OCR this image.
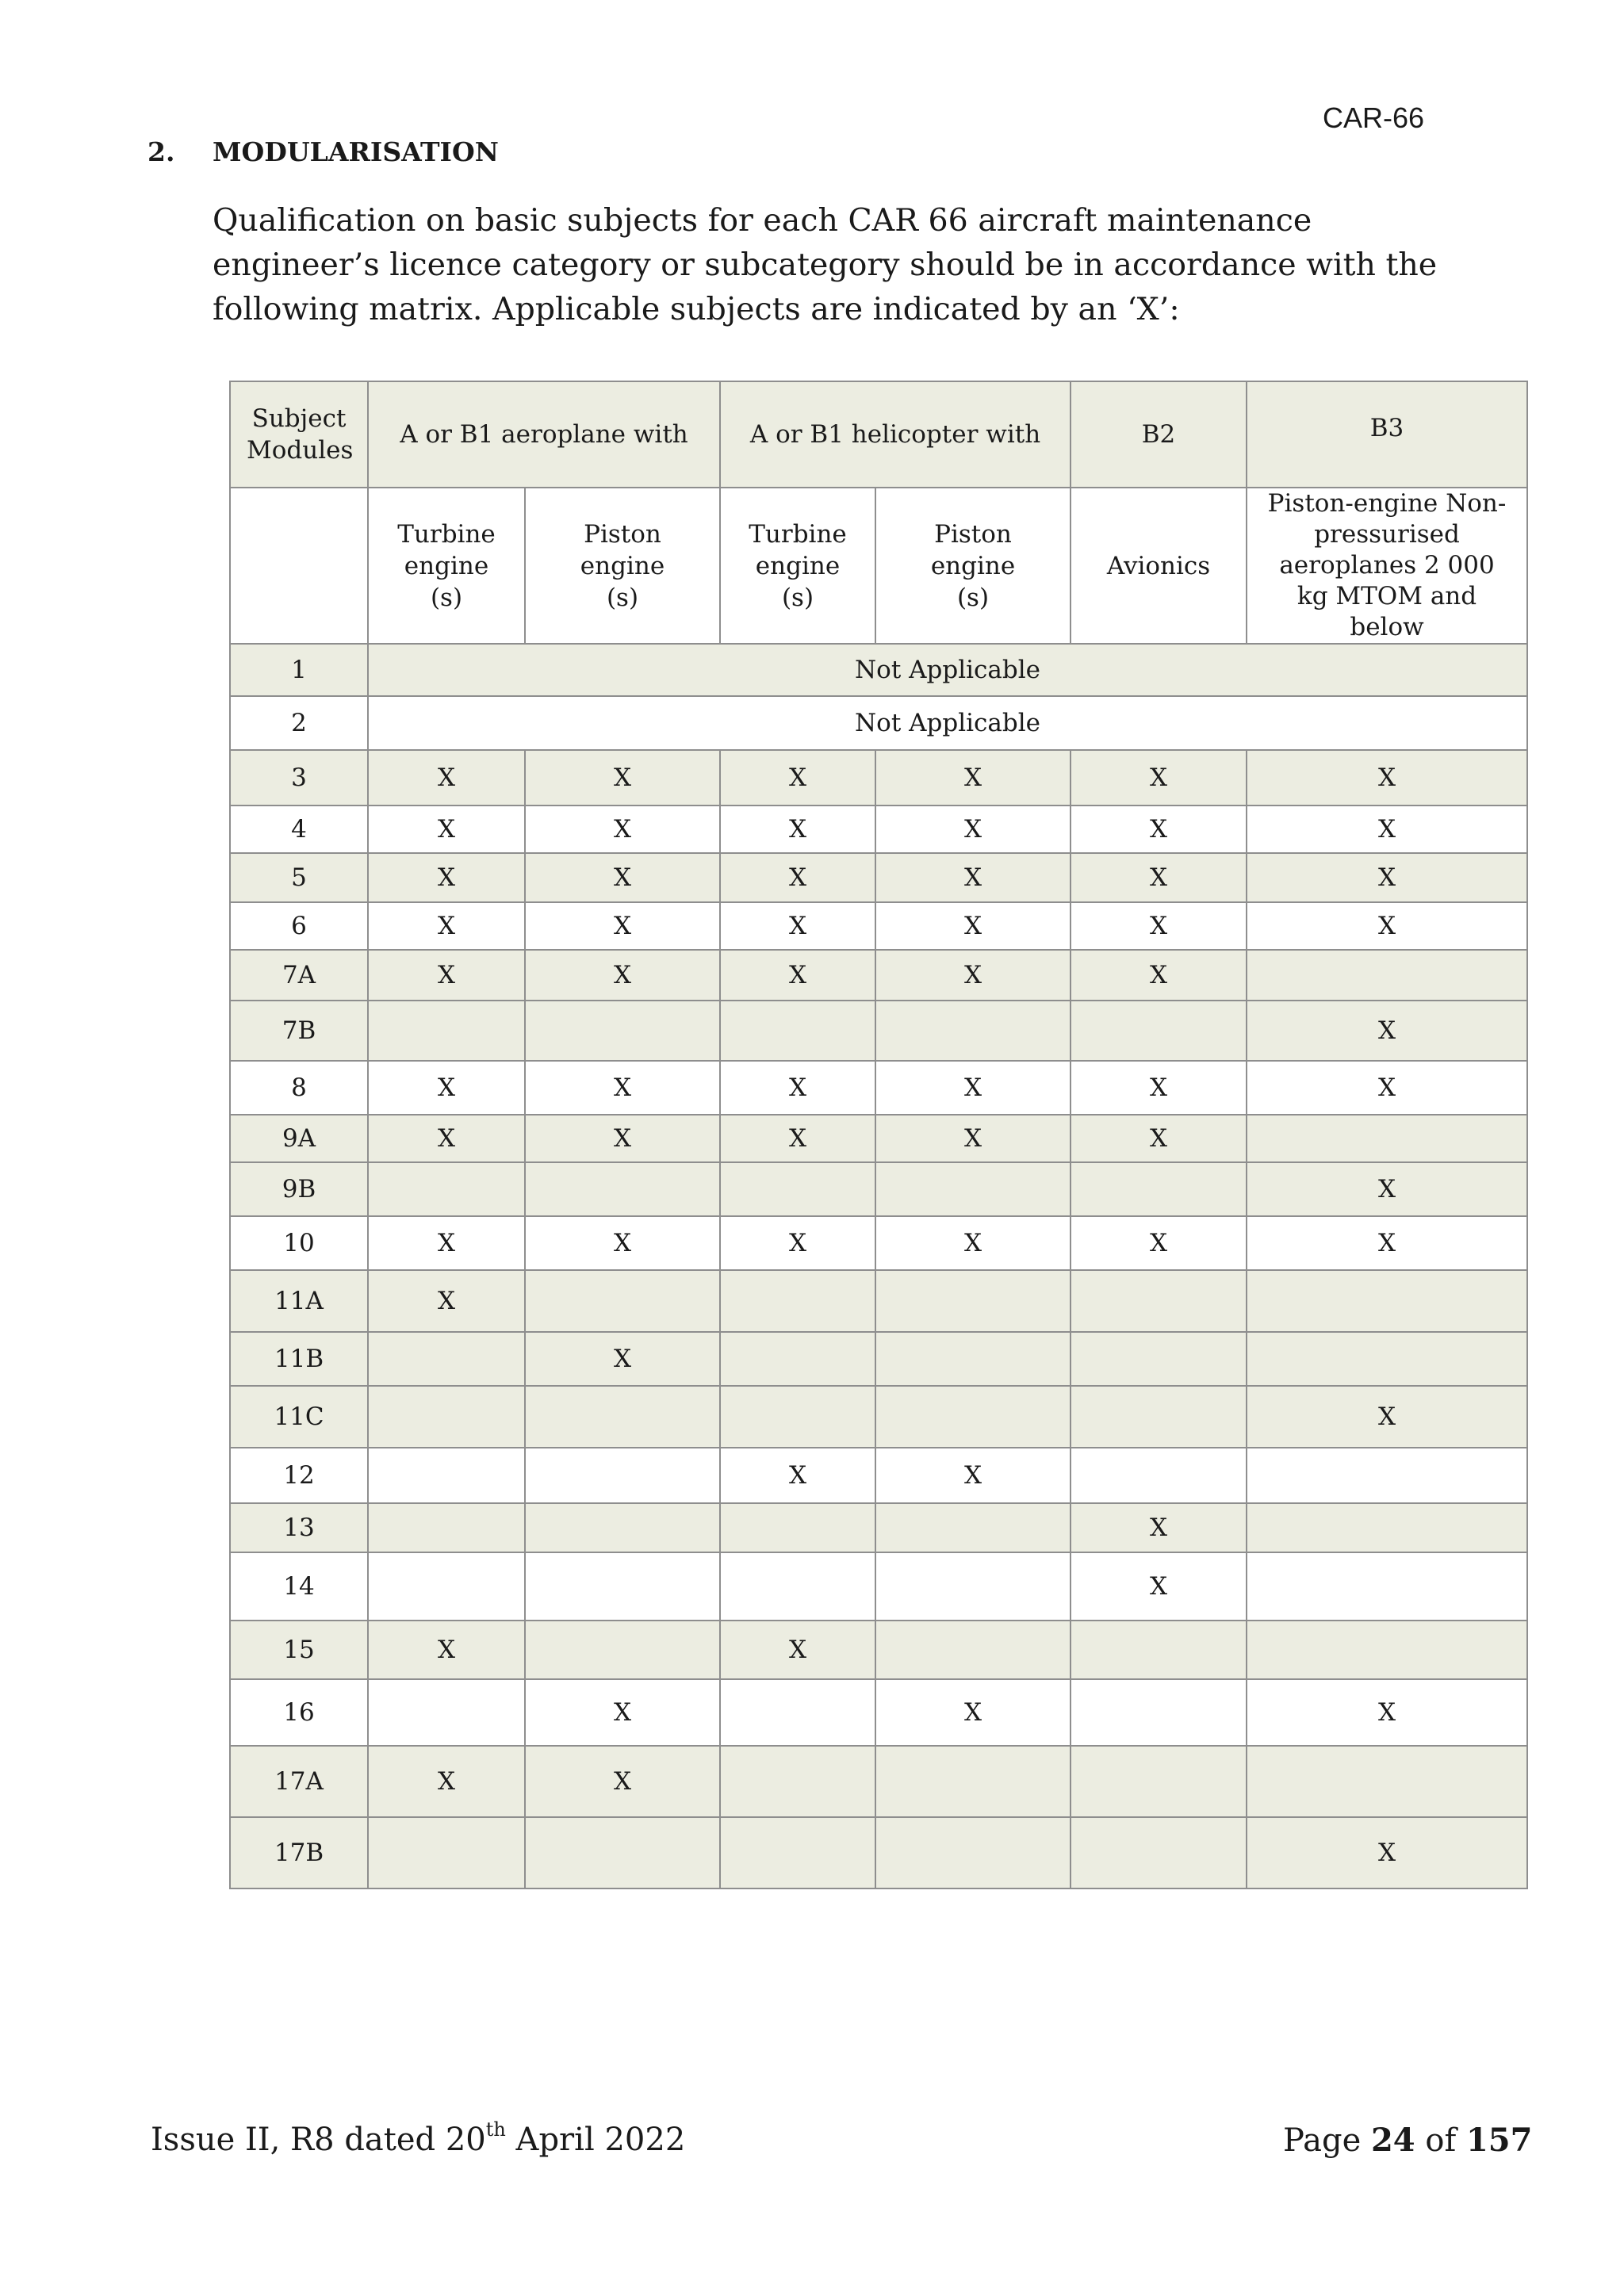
CAR-66
2. MODULARISATION
Qualification on basic subjects for each CAR 66 aircraft maintenance engineer’s licence category or subcategory should be in accordance with the following matrix. Applicable subjects are indicated by an ‘X’:
Subject Modules	A or B1 aeroplane with		A or B1 helicopter with		B2	B3
	Turbine engine (s)	Piston engine (s)	Turbine engine (s)	Piston engine (s)	Avionics	Piston-engine Non-pressurised aeroplanes 2 000 kg MTOM and below
1	Not Applicable					
2	Not Applicable					
3	X	X	X	X	X	X
4	X	X	X	X	X	X
5	X	X	X	X	X	X
6	X	X	X	X	X	X
7A	X	X	X	X	X	
7B						X
8	X	X	X	X	X	X
9A	X	X	X	X	X	
9B						X
10	X	X	X	X	X	X
11A	X					
11B		X				
11C						X
12			X	X		
13					X	
14					X	
15	X		X			
16		X		X		X
17A	X	X				
17B						X
Issue II, R8 dated 20th April 2022	Page 24 of 157
